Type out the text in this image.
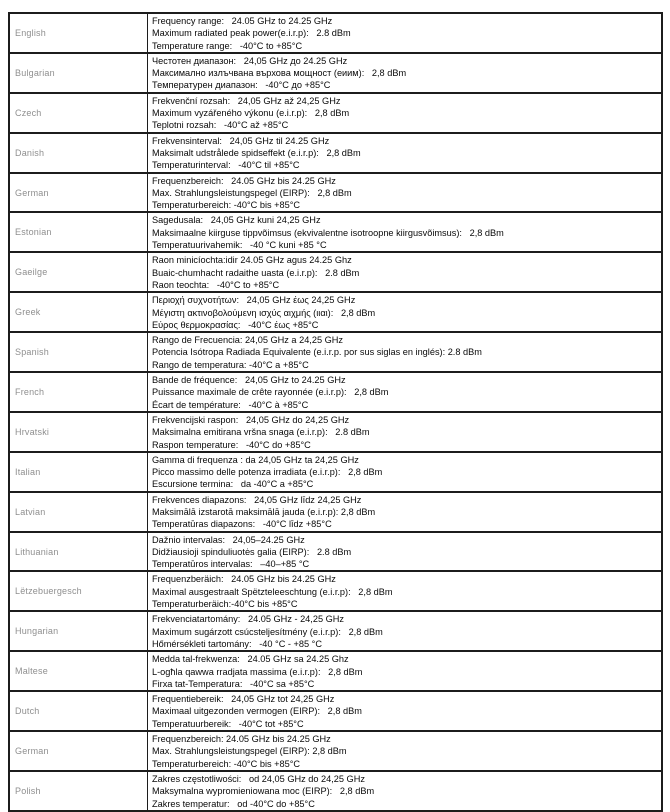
English	Frequency range:   24.05 GHz to 24.25 GHz
Maximum radiated peak power(e.i.r.p):   2.8 dBm
Temperature range:   -40°C to +85°C

Bulgarian	Честотен диапазон:   24,05 GHz до 24.25 GHz
Максимално излъчвана върхова мощност (еиим):   2,8 dBm
Температурен диапазон:   -40°C до +85°C

Czech	Frekvenční rozsah:   24,05 GHz až 24,25 GHz
Maximum vyzářeného výkonu (e.i.r.p):   2,8 dBm
Teplotni rozsah:   -40°C až +85°C

Danish	Frekvensinterval:   24,05 GHz til 24.25 GHz
Maksimalt udstrålede spidseffekt (e.i.r.p):   2,8 dBm
Temperaturinterval:   -40°C til +85°C

German	Frequenzbereich:   24.05 GHz bis 24.25 GHz
Max. Strahlungsleistungspegel (EIRP):   2,8 dBm
Temperaturbereich: -40°C bis +85°C

Estonian	Sagedusala:   24,05 GHz kuni 24,25 GHz
Maksimaalne kiirguse tippvõimsus (ekvivalentne isotroopne kiirgusvõimsus):   2,8 dBm
Temperatuurivahemik:   -40 °C kuni +85 °C

Gaeilge	Raon minicíochta:idir 24.05 GHz agus 24.25 Ghz
Buaic-chumhacht radaithe uasta (e.i.r.p):   2.8 dBm
Raon teochta:   -40°C to +85°C

Greek	Περιοχή συχνοτήτων:   24,05 GHz έως 24,25 GHz
Μέγιστη ακτινοβολούμενη ισχύς αιχμής (ιιαι):   2,8 dBm
Εύρος θερμοκρασίας:   -40°C έως +85°C

Spanish	Rango de Frecuencia: 24,05 GHz a 24,25 GHz
Potencia Isótropa Radiada Equivalente (e.i.r.p. por sus siglas en inglés): 2.8 dBm
Rango de temperatura: -40°C a +85°C

French	Bande de fréquence:   24,05 GHz to 24.25 GHz
Puissance maximale de crête rayonnée (e.i.r.p):   2,8 dBm
Écart de température:   -40°C à +85°C

Hrvatski	Frekvencijski raspon:   24,05 GHz do 24,25 GHz
Maksimalna emitirana vršna snaga (e.i.r.p):   2.8 dBm
Raspon temperature:   -40°C do +85°C

Italian	Gamma di frequenza : da 24,05 GHz ta 24,25 GHz
Picco massimo delle potenza irradiata (e.i.r.p):   2,8 dBm
Escursione termina:   da -40°C a +85°C

Latvian	Frekvences diapazons:   24,05 GHz līdz 24,25 GHz
Maksimālā izstarotā maksimālā jauda (e.i.r.p): 2,8 dBm
Temperatūras diapazons:   -40°C līdz +85°C

Lithuanian	Dažnio intervalas:   24,05–24.25 GHz
Didžiausioji spinduliuotės galia (EIRP):   2.8 dBm
Temperatūros intervalas:   –40–+85 °C

Lëtzebuergesch	Frequenzberäich:   24.05 GHz bis 24.25 GHz
Maximal ausgestraalt Spëtzteleeschtung (e.i.r.p):   2,8 dBm
Temperaturberäich:-40°C bis +85°C

Hungarian	Frekvenciatartomány:   24.05 GHz - 24,25 GHz
Maximum sugárzott csúcsteljesítmény (e.i.r.p):   2,8 dBm
Hőmérsékleti tartomány:   -40 °C - +85 °C

Maltese	Medda tal-frekwenza:   24.05 GHz sa 24.25 Ghz
L-ogħla qawwa rradjata massima (e.i.r.p):   2,8 dBm
Firxa tat-Temperatura:   -40°C sa +85°C

Dutch	Frequentiebereik:   24,05 GHz tot 24,25 GHz
Maximaal uitgezonden vermogen (EIRP):   2,8 dBm
Temperatuurbereik:   -40°C tot +85°C

German	Frequenzbereich: 24.05 GHz bis 24.25 GHz
Max. Strahlungsleistungspegel (EIRP): 2,8 dBm
Temperaturbereich: -40°C bis +85°C

Polish	Zakres częstotliwości:   od 24,05 GHz do 24,25 GHz
Maksymalna wypromieniowana moc (EIRP):   2,8 dBm
Zakres temperatur:   od -40°C do +85°C
